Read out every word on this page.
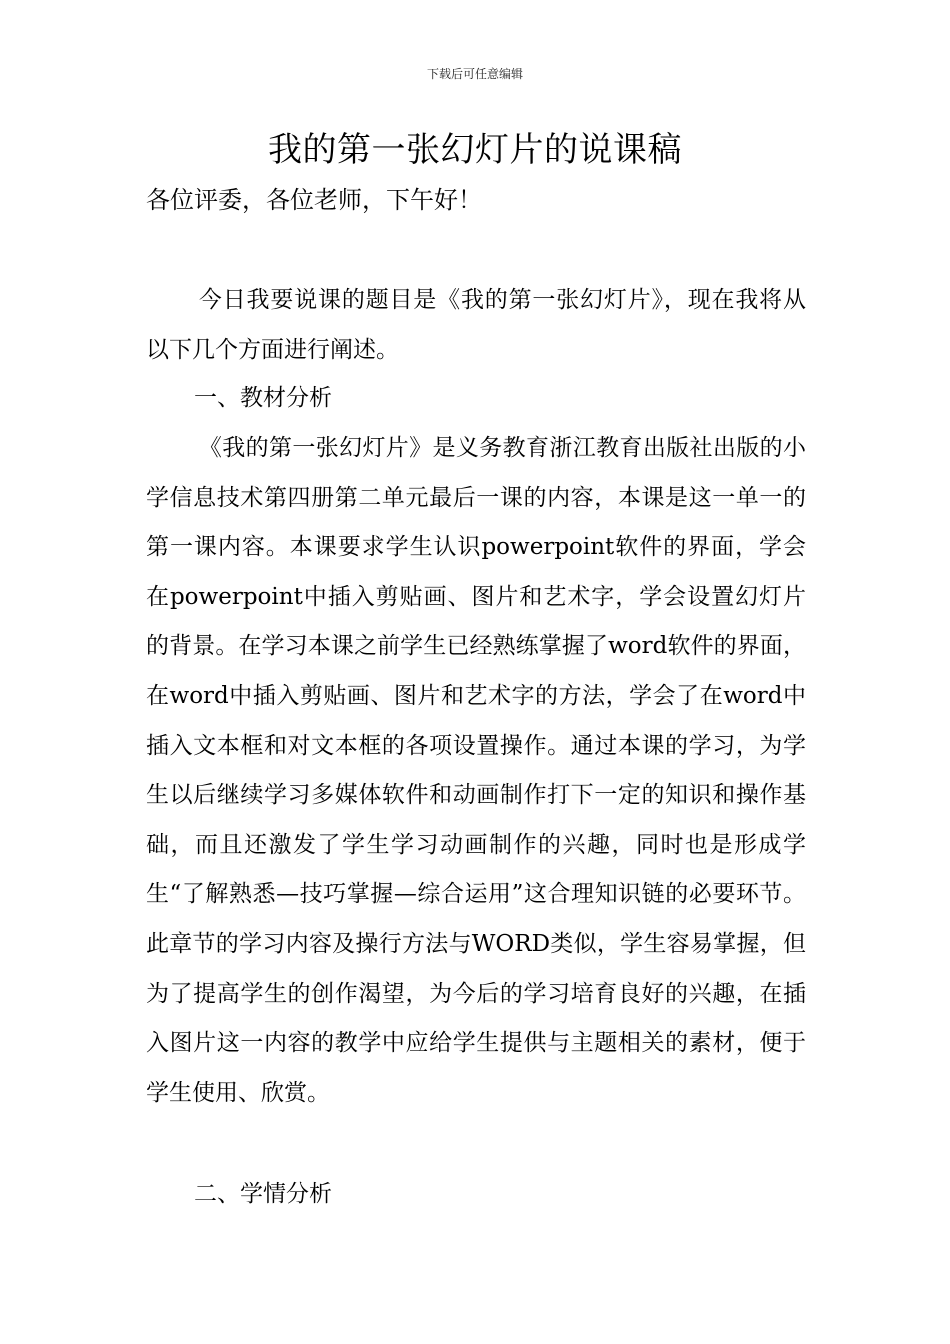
下载后可任意编辑
我的第一张幻灯片的说课稿
各位评委，各位老师，下午好！

今日我要说课的题目是《我的第一张幻灯片》，现在我将从以下几个方面进行阐述。

一、教材分析

《我的第一张幻灯片》是义务教育浙江教育出版社出版的小学信息技术第四册第二单元最后一课的内容，本课是这一单一的第一课内容。本课要求学生认识powerpoint软件的界面，学会在powerpoint中插入剪贴画、图片和艺术字，学会设置幻灯片的背景。在学习本课之前学生已经熟练掌握了word软件的界面，在word中插入剪贴画、图片和艺术字的方法，学会了在word中插入文本框和对文本框的各项设置操作。通过本课的学习，为学生以后继续学习多媒体软件和动画制作打下一定的知识和操作基础，而且还激发了学生学习动画制作的兴趣，同时也是形成学生“了解熟悉—技巧掌握—综合运用”这合理知识链的必要环节。此章节的学习内容及操行方法与WORD类似，学生容易掌握，但为了提高学生的创作渴望，为今后的学习培育良好的兴趣，在插入图片这一内容的教学中应给学生提供与主题相关的素材，便于学生使用、欣赏。

二、学情分析
